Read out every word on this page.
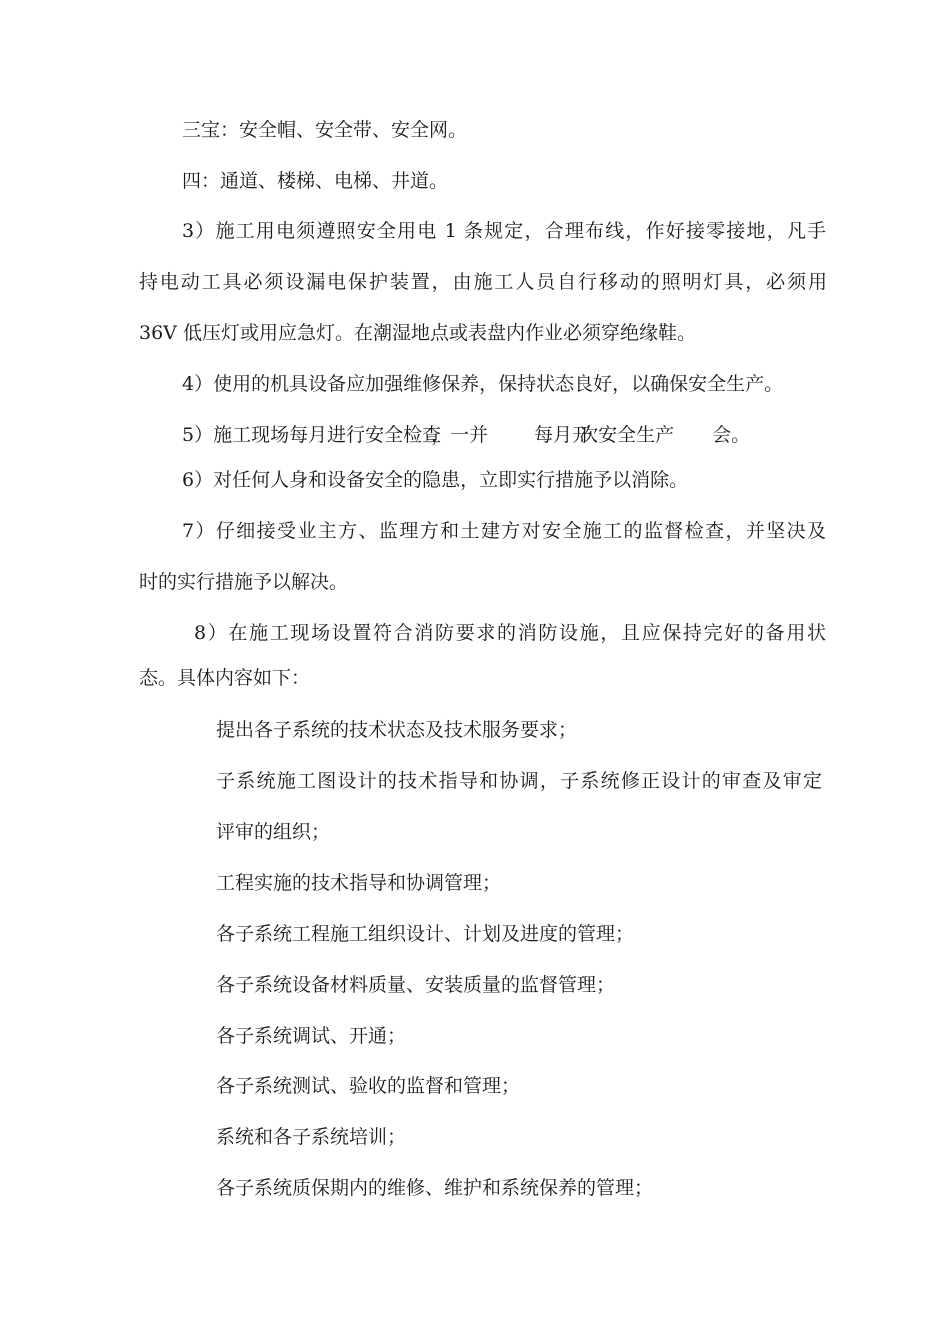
三宝：安全帽、安全带、安全网。
四：通道、楼梯、电梯、井道。
3）施工用电须遵照安全用电 1 条规定，合理布线，作好接零接地，凡手
持电动工具必须设漏电保护装置，由施工人员自行移动的照明灯具，必须用
36V 低压灯或用应急灯。在潮湿地点或表盘内作业必须穿绝缘鞋。
4）使用的机具设备应加强维修保养，保持状态良好，以确保安全生产。
5）施工现场每月进行安全检查，一并 每月开次安全生产 会。
6）对任何人身和设备安全的隐患，立即实行措施予以消除。
7）仔细接受业主方、监理方和土建方对安全施工的监督检查，并坚决及
时的实行措施予以解决。
8）在施工现场设置符合消防要求的消防设施，且应保持完好的备用状
态。具体内容如下：
提出各子系统的技术状态及技术服务要求；
子系统施工图设计的技术指导和协调，子系统修正设计的审查及审定
评审的组织；
工程实施的技术指导和协调管理；
各子系统工程施工组织设计、计划及进度的管理；
各子系统设备材料质量、安装质量的监督管理；
各子系统调试、开通；
各子系统测试、验收的监督和管理；
系统和各子系统培训；
各子系统质保期内的维修、维护和系统保养的管理；
